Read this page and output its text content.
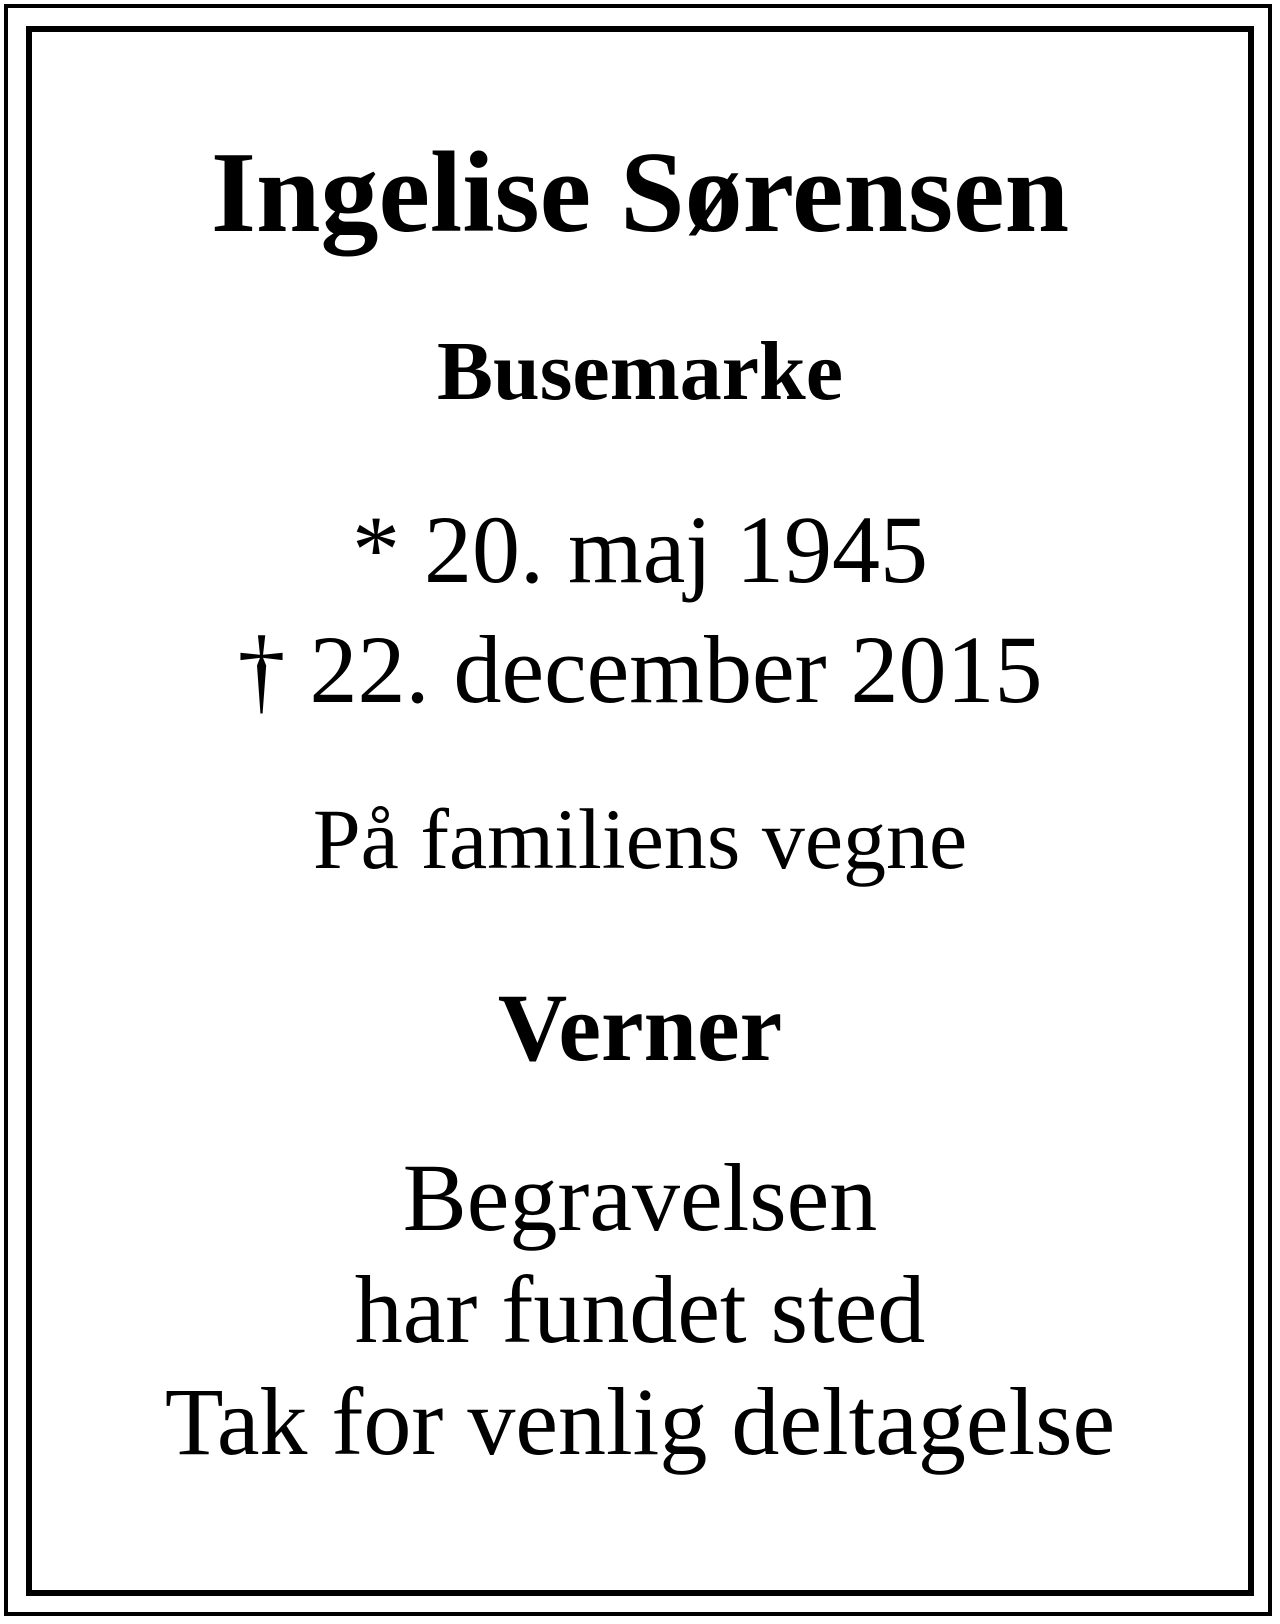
Ingelise Sørensen
Busemarke
* 20. maj 1945
† 22. december 2015
På familiens vegne
Verner
Begravelsen
har fundet sted
Tak for venlig deltagelse
